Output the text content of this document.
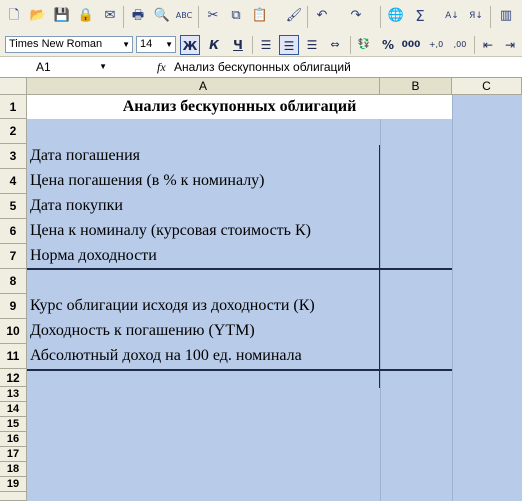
🗋 📂 💾 🔒 ✉	🖶 🔍 ABC	✂ ⧉ 📋 🖌	↶	↷	🌐 Σ	A↓	Я↓ ▥
Times New Roman ▼ 14 ▼ Ж К	Ч	☰	☰	☰	⇔	💱 % 000	+,0	,00	⇤ ⇥
A1	▼	fx Анализ бескупонных облигаций
A	B	C
1
2
3
4
5
6
7
8
9
10
11
12
13
14
15
16
17
18
19
Анализ бескупонных облигаций
Дата погашения
Цена погашения (в % к номиналу)
Дата покупки
Цена к номиналу (курсовая стоимость К)
Норма доходности
Курс облигации исходя из доходности (К)
Доходность к погашению (YTM)
Абсолютный доход на 100 ед. номинала
